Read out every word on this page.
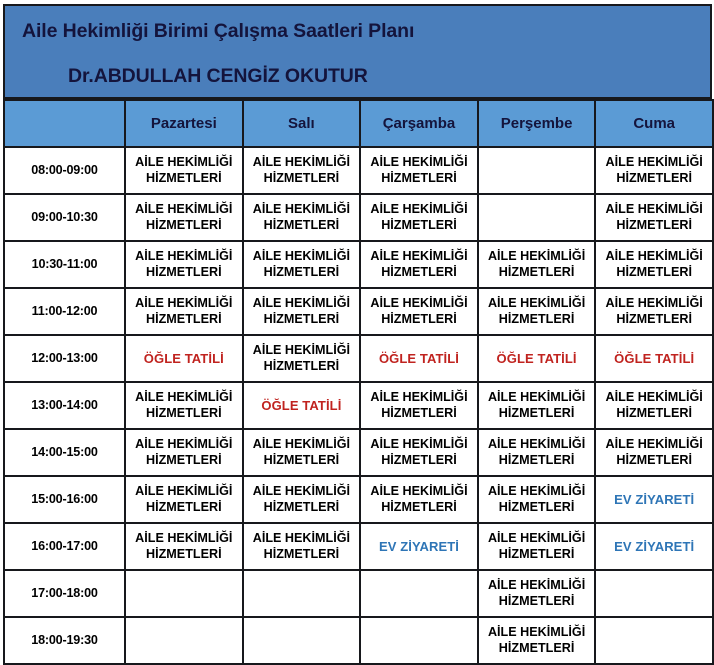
Aile Hekimliği Birimi Çalışma Saatleri Planı
Dr.ABDULLAH CENGİZ OKUTUR
	Pazartesi	Salı	Çarşamba	Perşembe	Cuma
08:00-09:00	AİLE HEKİMLİĞİ HİZMETLERİ	AİLE HEKİMLİĞİ HİZMETLERİ	AİLE HEKİMLİĞİ HİZMETLERİ		AİLE HEKİMLİĞİ HİZMETLERİ

09:00-10:30	AİLE HEKİMLİĞİ HİZMETLERİ	AİLE HEKİMLİĞİ HİZMETLERİ	AİLE HEKİMLİĞİ HİZMETLERİ		AİLE HEKİMLİĞİ HİZMETLERİ

10:30-11:00	AİLE HEKİMLİĞİ HİZMETLERİ	AİLE HEKİMLİĞİ HİZMETLERİ	AİLE HEKİMLİĞİ HİZMETLERİ	AİLE HEKİMLİĞİ HİZMETLERİ	AİLE HEKİMLİĞİ HİZMETLERİ

11:00-12:00	AİLE HEKİMLİĞİ HİZMETLERİ	AİLE HEKİMLİĞİ HİZMETLERİ	AİLE HEKİMLİĞİ HİZMETLERİ	AİLE HEKİMLİĞİ HİZMETLERİ	AİLE HEKİMLİĞİ HİZMETLERİ

12:00-13:00	ÖĞLE TATİLİ	AİLE HEKİMLİĞİ HİZMETLERİ	ÖĞLE TATİLİ	ÖĞLE TATİLİ	ÖĞLE TATİLİ

13:00-14:00	AİLE HEKİMLİĞİ HİZMETLERİ	ÖĞLE TATİLİ	AİLE HEKİMLİĞİ HİZMETLERİ	AİLE HEKİMLİĞİ HİZMETLERİ	AİLE HEKİMLİĞİ HİZMETLERİ

14:00-15:00	AİLE HEKİMLİĞİ HİZMETLERİ	AİLE HEKİMLİĞİ HİZMETLERİ	AİLE HEKİMLİĞİ HİZMETLERİ	AİLE HEKİMLİĞİ HİZMETLERİ	AİLE HEKİMLİĞİ HİZMETLERİ

15:00-16:00	AİLE HEKİMLİĞİ HİZMETLERİ	AİLE HEKİMLİĞİ HİZMETLERİ	AİLE HEKİMLİĞİ HİZMETLERİ	AİLE HEKİMLİĞİ HİZMETLERİ	EV ZİYARETİ

16:00-17:00	AİLE HEKİMLİĞİ HİZMETLERİ	AİLE HEKİMLİĞİ HİZMETLERİ	EV ZİYARETİ	AİLE HEKİMLİĞİ HİZMETLERİ	EV ZİYARETİ

17:00-18:00				AİLE HEKİMLİĞİ HİZMETLERİ	

18:00-19:30				AİLE HEKİMLİĞİ HİZMETLERİ	
